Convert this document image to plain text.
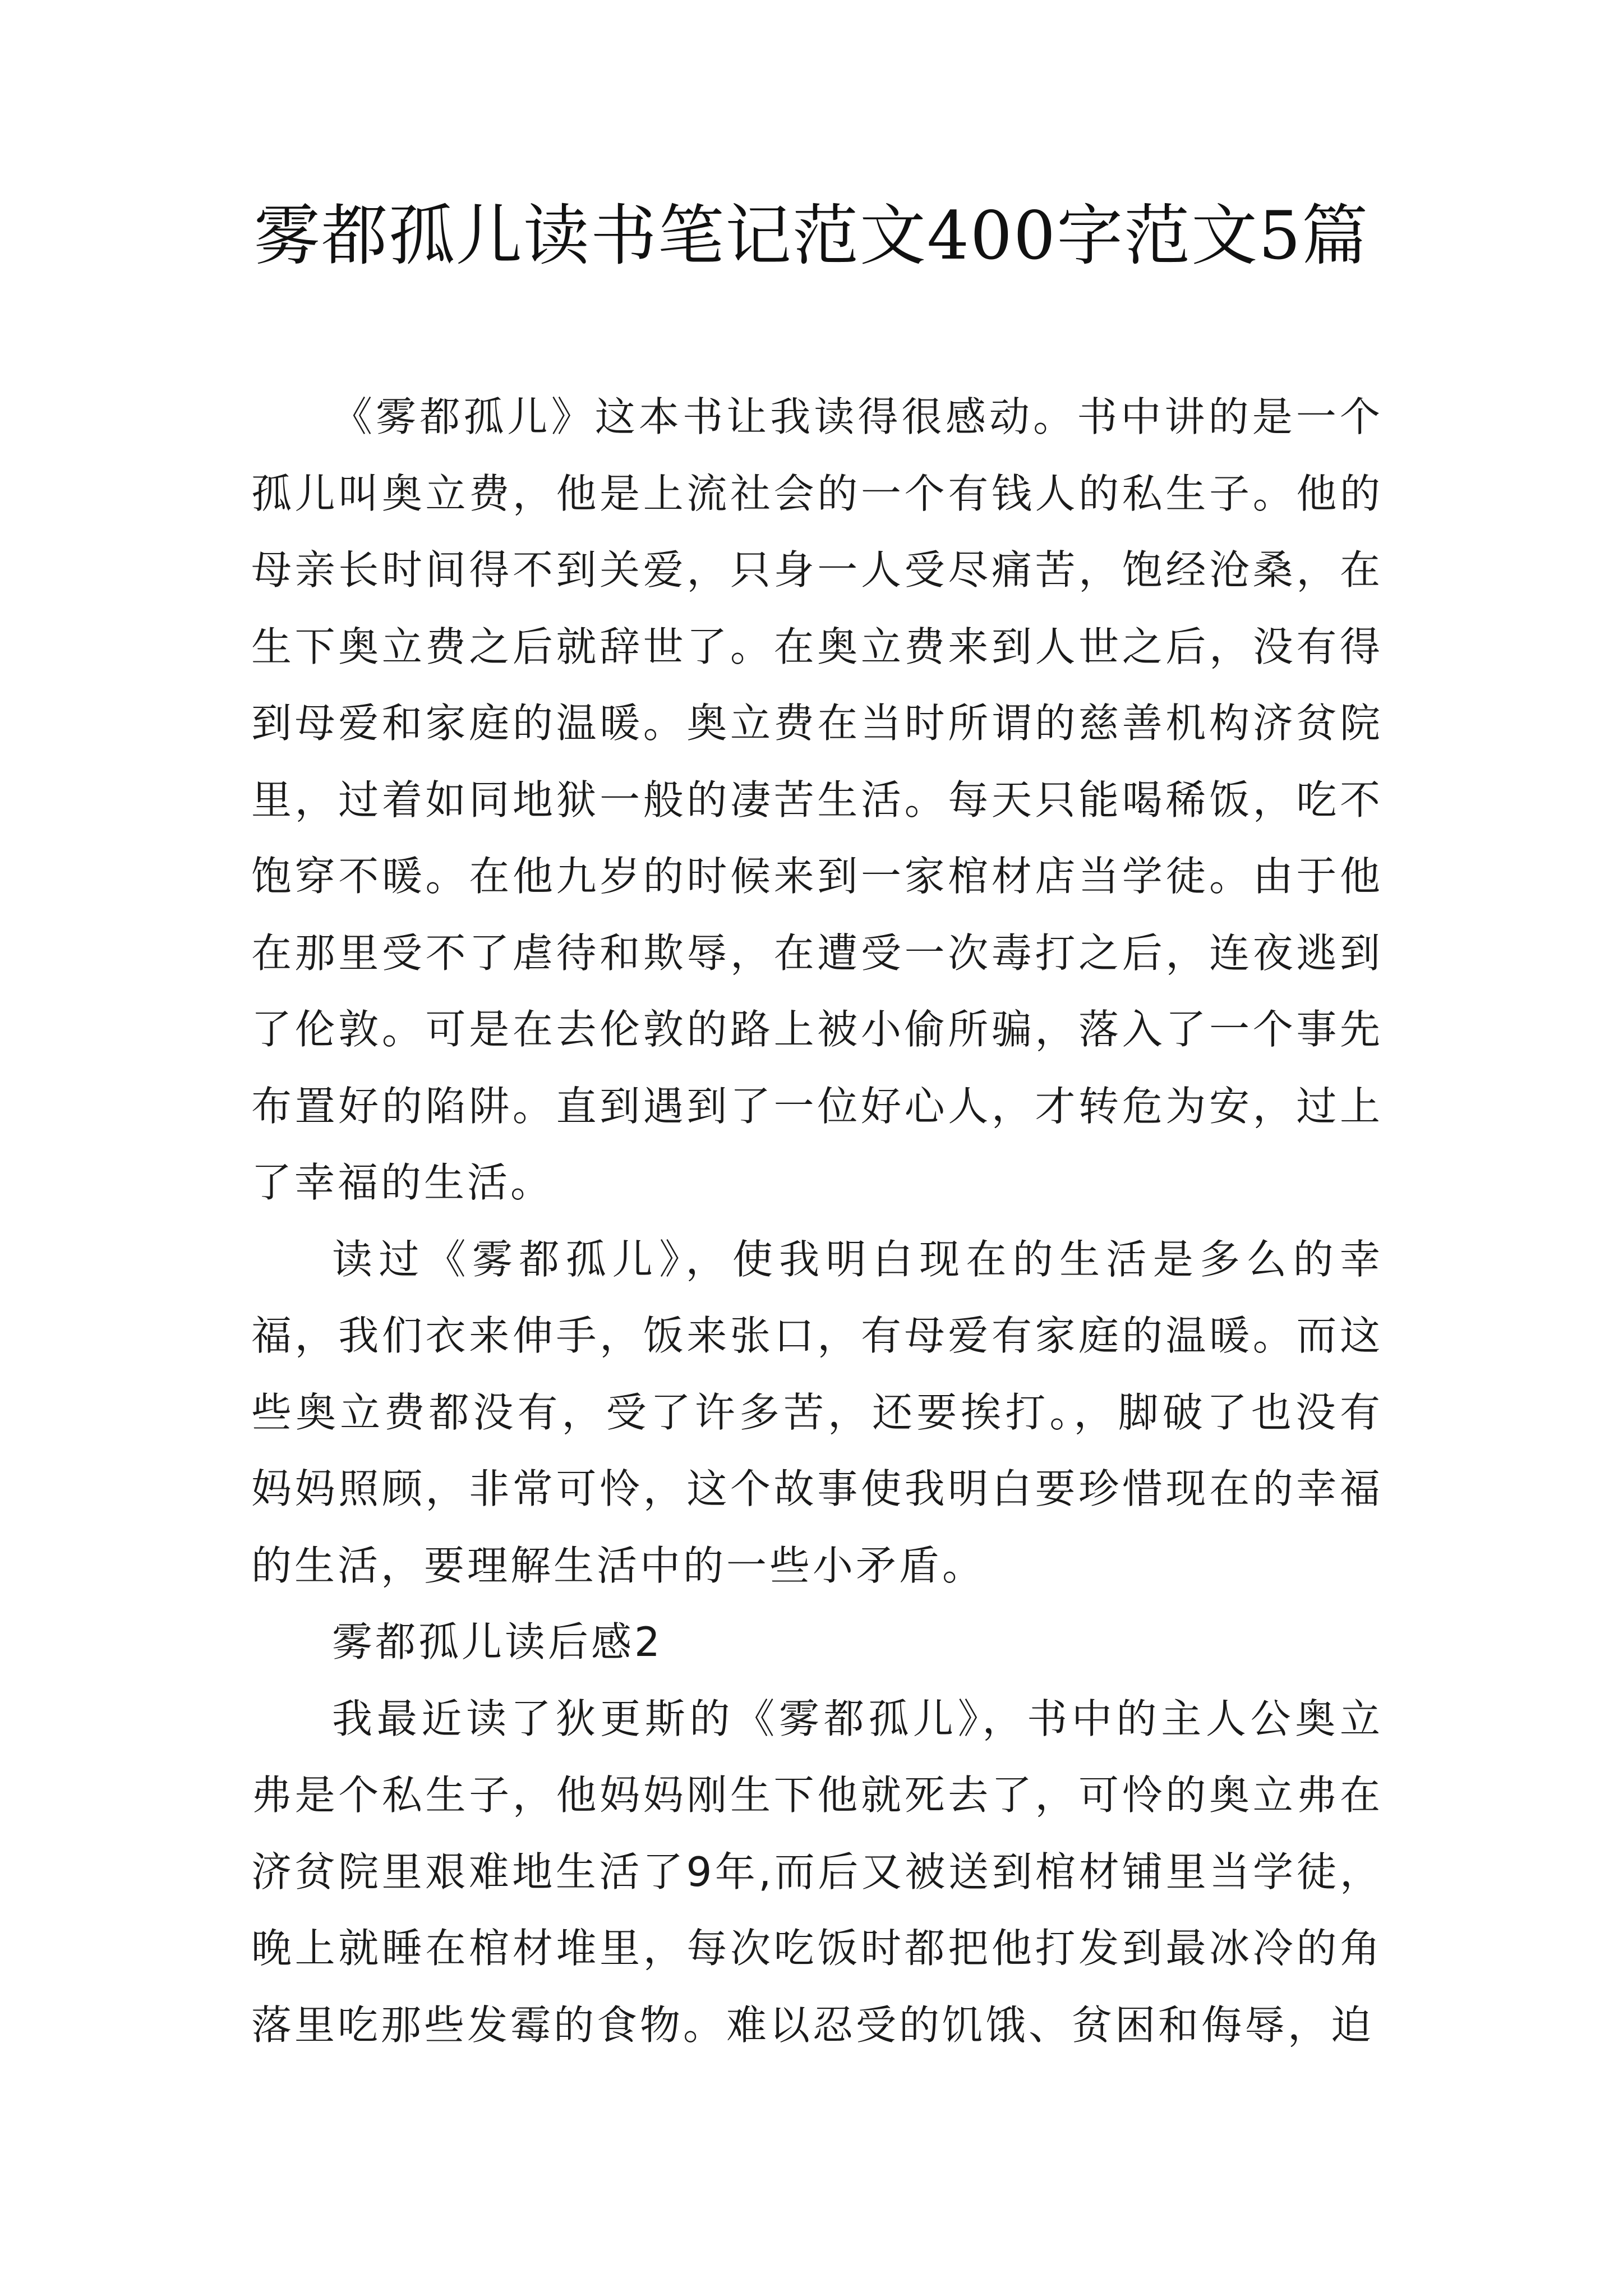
雾都孤儿读书笔记范文400字范文5篇

《雾都孤儿》这本书让我读得很感动。书中讲的是一个孤儿叫奥立费，他是上流社会的一个有钱人的私生子。他的母亲长时间得不到关爱，只身一人受尽痛苦，饱经沧桑，在生下奥立费之后就辞世了。在奥立费来到人世之后，没有得到母爱和家庭的温暖。奥立费在当时所谓的慈善机构济贫院里，过着如同地狱一般的凄苦生活。每天只能喝稀饭，吃不饱穿不暖。在他九岁的时候来到一家棺材店当学徒。由于他在那里受不了虐待和欺辱，在遭受一次毒打之后，连夜逃到了伦敦。可是在去伦敦的路上被小偷所骗，落入了一个事先布置好的陷阱。直到遇到了一位好心人，才转危为安，过上了幸福的生活。

读过《雾都孤儿》，使我明白现在的生活是多么的幸福，我们衣来伸手，饭来张口，有母爱有家庭的温暖。而这些奥立费都没有，受了许多苦，还要挨打。，脚破了也没有妈妈照顾，非常可怜，这个故事使我明白要珍惜现在的幸福的生活，要理解生活中的一些小矛盾。

雾都孤儿读后感2

我最近读了狄更斯的《雾都孤儿》，书中的主人公奥立弗是个私生子，他妈妈刚生下他就死去了，可怜的奥立弗在济贫院里艰难地生活了9年,而后又被送到棺材铺里当学徒，晚上就睡在棺材堆里，每次吃饭时都把他打发到最冰冷的角落里吃那些发霉的食物。难以忍受的饥饿、贫困和侮辱，迫
